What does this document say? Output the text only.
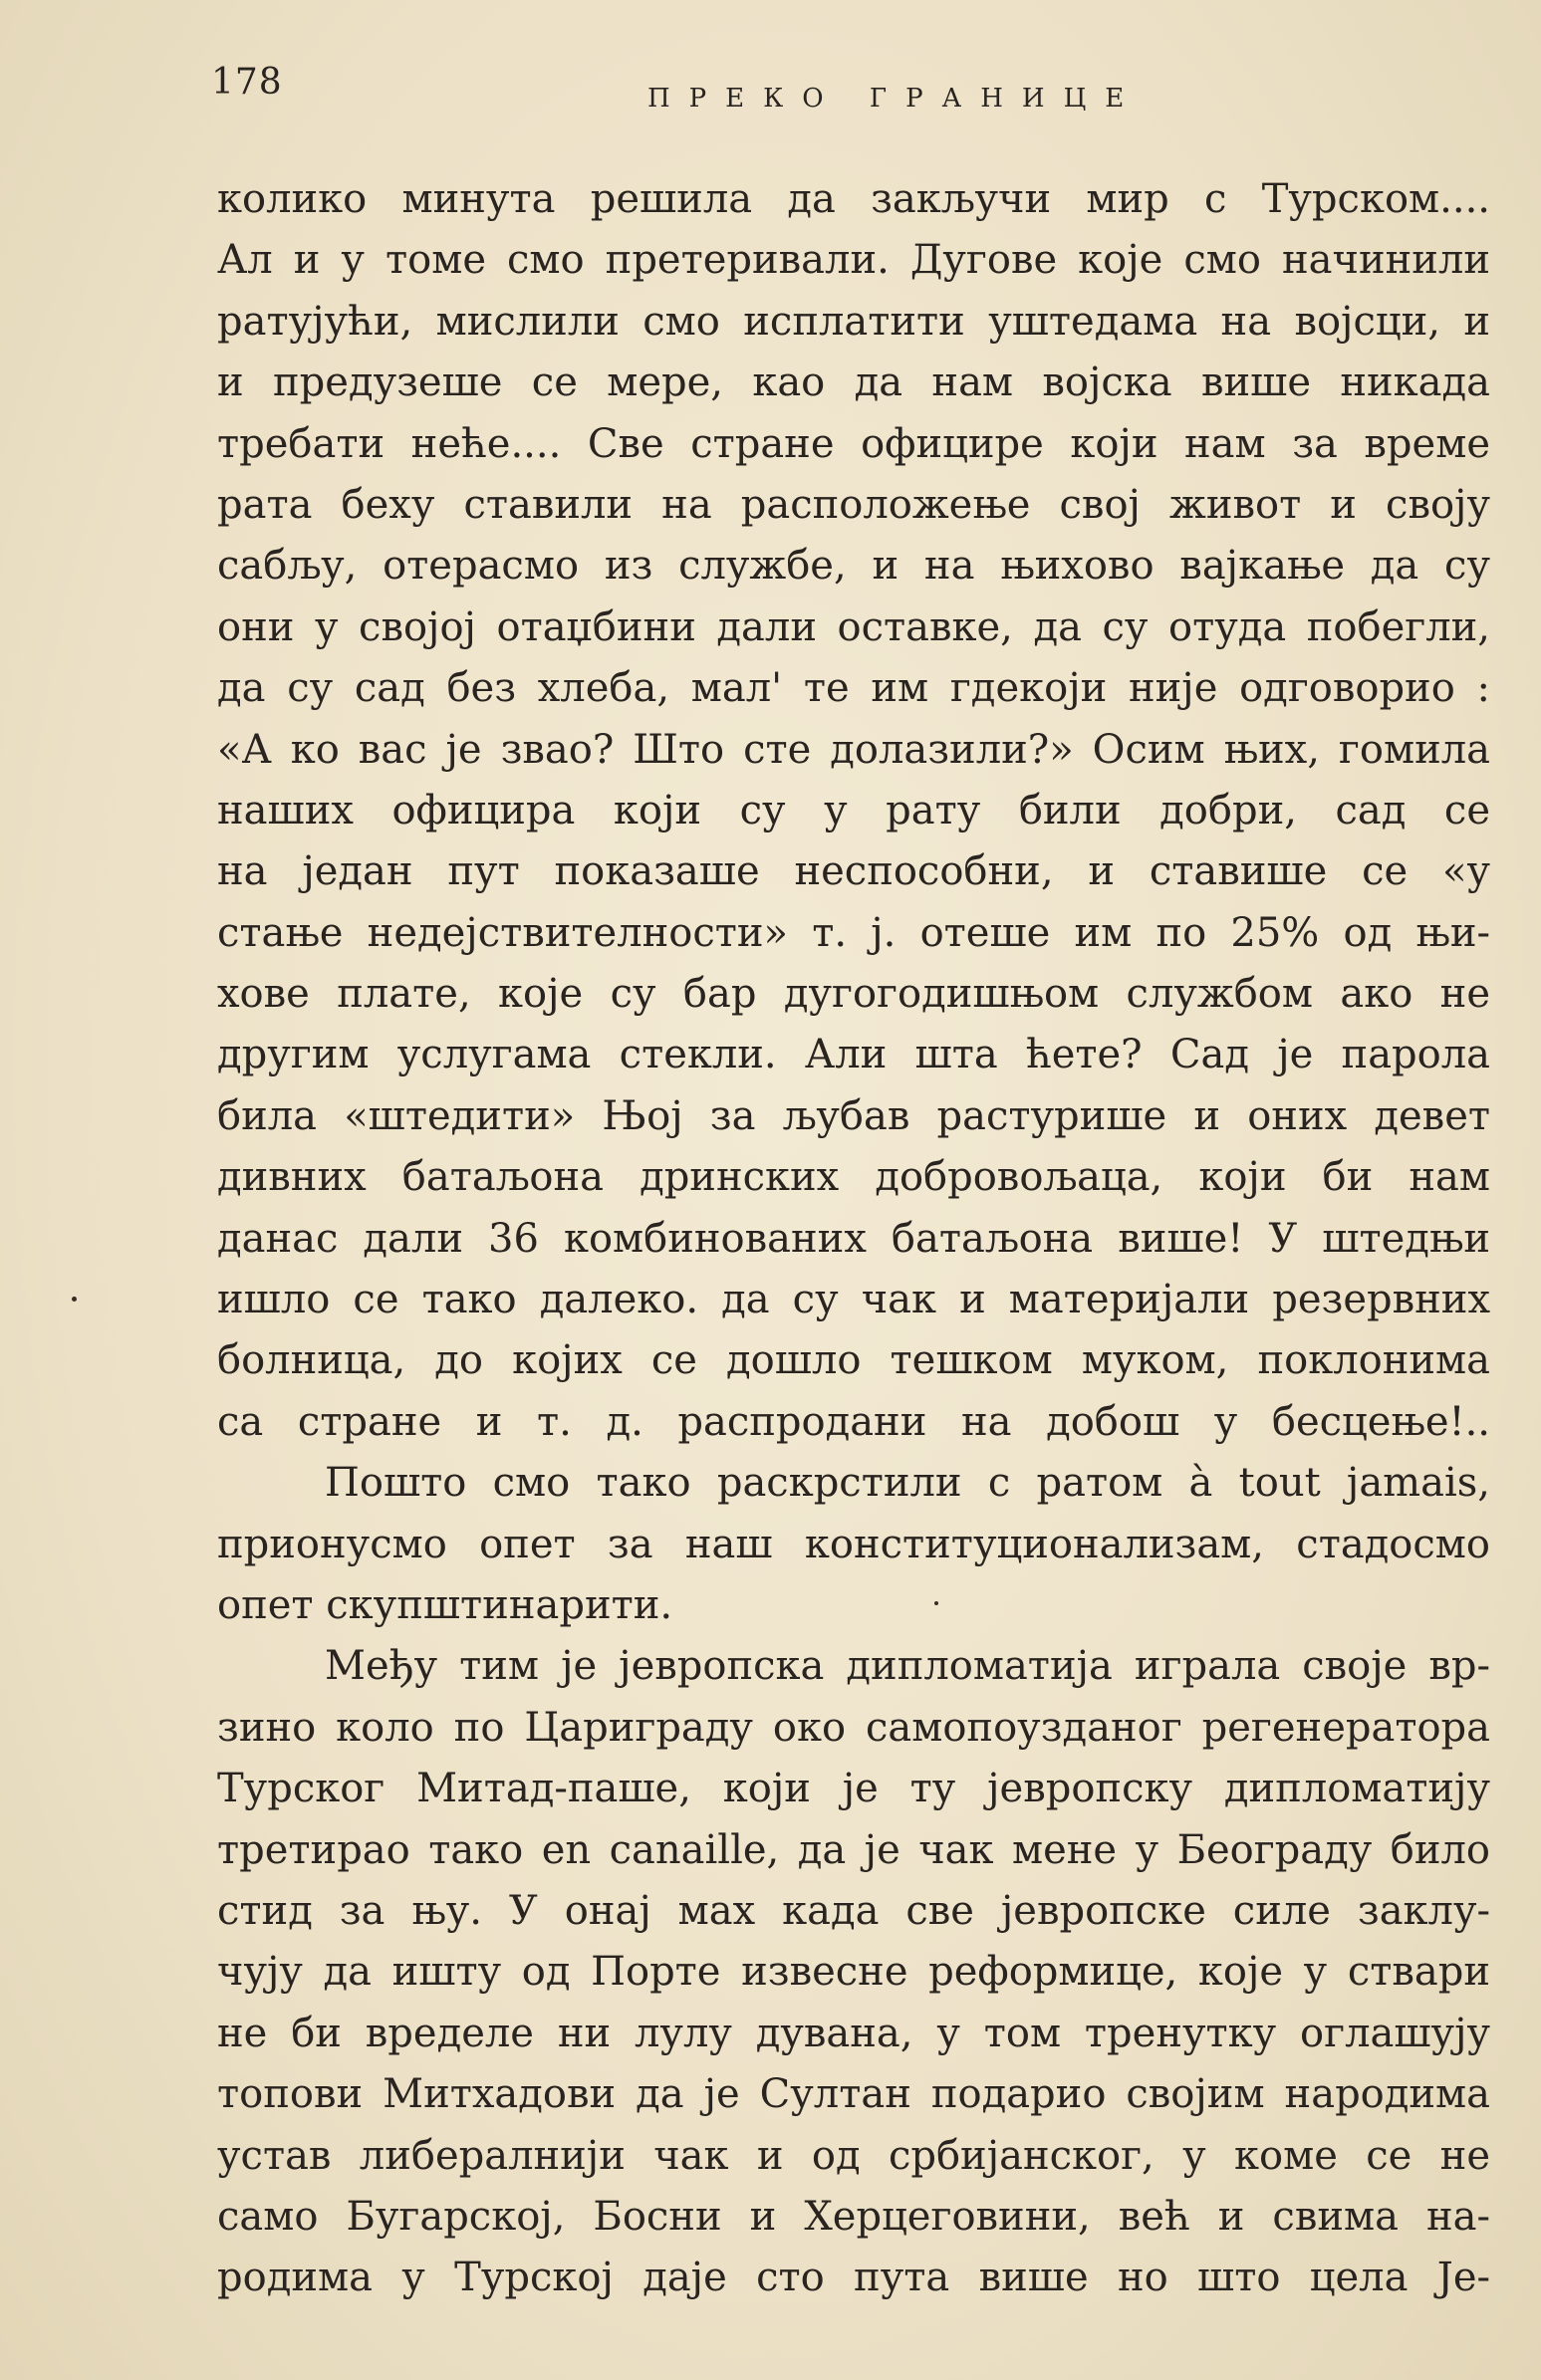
178	ПРЕКО ГРАНИЦЕ
колико минута решила да закључи мир с Турском....
Ал и у томе смо претеривали. Дугове које смо начинили
ратујући, мислили смо исплатити уштедама на војсци, и
и предузеше се мере, као да нам војска више никада
требати неће.... Све стране официре који нам за време
рата беху ставили на расположење свој живот и своју
сабљу, отерасмо из службе, и на њихово вајкање да су
они у својој отаџбини дали оставке, да су отуда побегли,
да су сад без хлеба, мал' те им гдекоји није одговорио :
«А ко вас је звао? Што сте долазили?» Осим њих, гомила
наших официра који су у рату били добри, сад се
на један пут показаше неспособни, и ставише се «у
стање недејствителности» т. ј. отеше им по 25% од њи-
хове плате, које су бар дугогодишњом службом ако не
другим услугама стекли. Али шта ћете? Сад је парола
била «штедити» Њој за љубав растурише и оних девет
дивних батаљона дринских добровољаца, који би нам
данас дали 36 комбинованих батаљона више! У штедњи
ишло се тако далеко. да су чак и материјали резервних
болница, до којих се дошло тешком муком, поклонима
са стране и т. д. распродани на добош у бесцење!..
Пошто смо тако раскрстили с ратом à tout jamais,
прионусмо опет за наш конституционализам, стадосмо
опет скупштинарити.
Међу тим је јевропска дипломатија играла своје вр-
зино коло по Цариграду око самопоузданог регенератора
Турског Митад-паше, који је ту јевропску дипломатију
третирао тако en canaille, да је чак мене у Београду било
стид за њу. У онај мах када све јевропске силе заклу-
чују да ишту од Порте извесне реформице, које у ствари
не би вределе ни лулу дувана, у том тренутку оглашују
топови Митхадови да је Султан подарио својим народима
устав либералнији чак и од србијанског, у коме се не
само Бугарској, Босни и Херцеговини, већ и свима на-
родима у Турској даје сто пута више но што цела Је-
